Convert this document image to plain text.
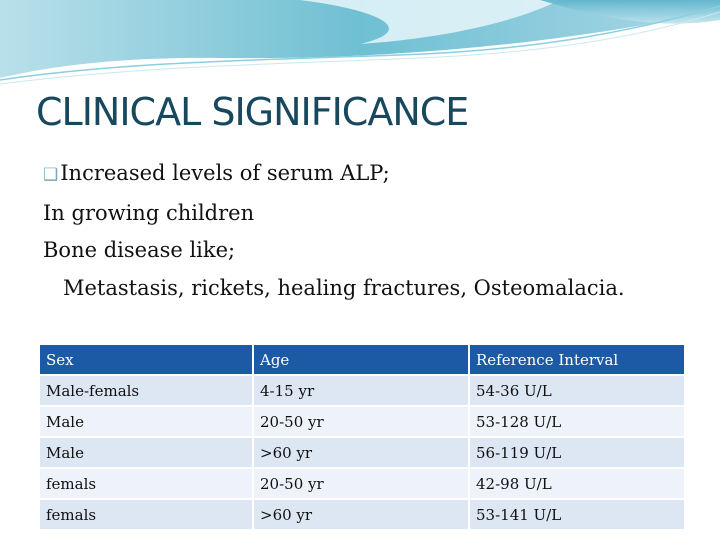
CLINICAL SIGNIFICANCE
❑Increased levels of serum ALP;
In growing children
Bone disease like;
Metastasis, rickets, healing fractures, Osteomalacia.
Sex	Age	Reference Interval
Male-femals	4-15 yr	54-36 U/L
Male	20-50 yr	53-128 U/L
Male	>60 yr	56-119 U/L
femals	20-50 yr	42-98 U/L
femals	>60 yr	53-141 U/L
